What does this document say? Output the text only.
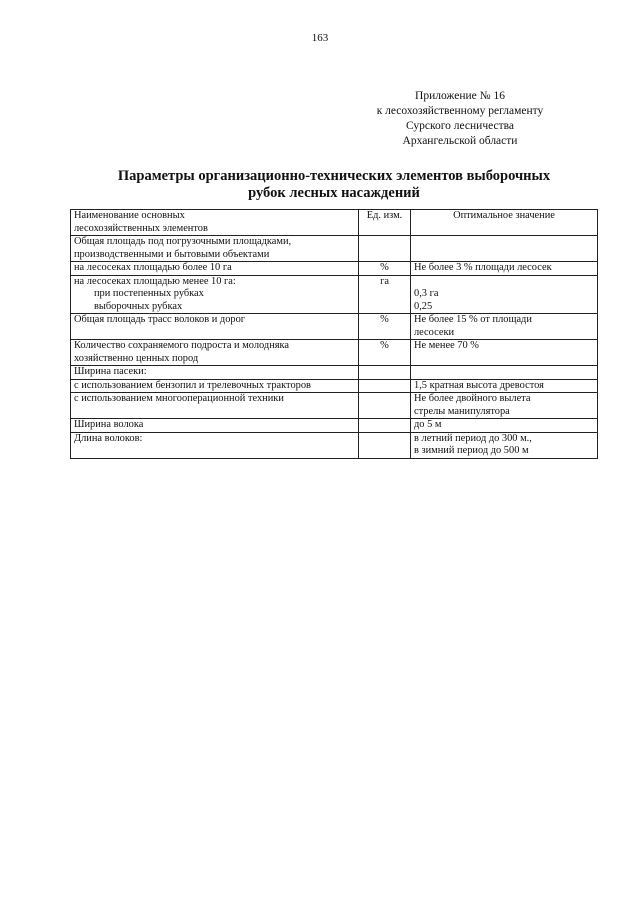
163
Приложение № 16
к лесохозяйственному регламенту
Сурского лесничества
Архангельской области
Параметры организационно-технических элементов выборочных
рубок лесных насаждений
Наименование основных
лесохозяйственных элементов	Ед. изм.	Оптимальное значение

Общая площадь под погрузочными площадками,
производственными и бытовыми объектами		

на лесосеках площадью более 10 га	%	Не более 3 % площади лесосек

на лесосеках площадью менее 10 га:
при постепенных рубках
выборочных рубках	га	0,3 га
0,25

Общая площадь трасс волоков и дорог	%	Не более 15 % от площади
лесосеки

Количество сохраняемого подроста и молодняка
хозяйственно ценных пород	%	Не менее 70 %

Ширина пасеки:		

с использованием бензопил и трелевочных тракторов		1,5 кратная высота древостоя

с использованием многооперационной техники		Не более двойного вылета
стрелы манипулятора

Ширина волока		до 5 м

Длина волоков:		в летний период до 300 м.,
в зимний период до 500 м
